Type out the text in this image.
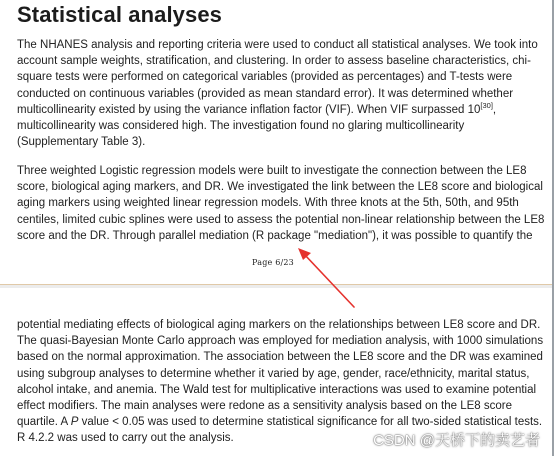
Statistical analyses

The NHANES analysis and reporting criteria were used to conduct all statistical analyses. We took into
account sample weights, stratification, and clustering. In order to assess baseline characteristics, chi-
square tests were performed on categorical variables (provided as percentages) and T-tests were
conducted on continuous variables (provided as mean standard error). It was determined whether
multicollinearity existed by using the variance inflation factor (VIF). When VIF surpassed 10[30],
multicollinearity was considered high. The investigation found no glaring multicollinearity
(Supplementary Table 3).

Three weighted Logistic regression models were built to investigate the connection between the LE8
score, biological aging markers, and DR. We investigated the link between the LE8 score and biological
aging markers using weighted linear regression models. With three knots at the 5th, 50th, and 95th
centiles, limited cubic splines were used to assess the potential non-linear relationship between the LE8
score and the DR. Through parallel mediation (R package "mediation"), it was possible to quantify the

Page 6/23

potential mediating effects of biological aging markers on the relationships between LE8 score and DR.
The quasi-Bayesian Monte Carlo approach was employed for mediation analysis, with 1000 simulations
based on the normal approximation. The association between the LE8 score and the DR was examined
using subgroup analyses to determine whether it varied by age, gender, race/ethnicity, marital status,
alcohol intake, and anemia. The Wald test for multiplicative interactions was used to examine potential
effect modifiers. The main analyses were redone as a sensitivity analysis based on the LE8 score
quartile. A P value < 0.05 was used to determine statistical significance for all two-sided statistical tests.
R 4.2.2 was used to carry out the analysis.	CSDN @天桥下的卖艺者
